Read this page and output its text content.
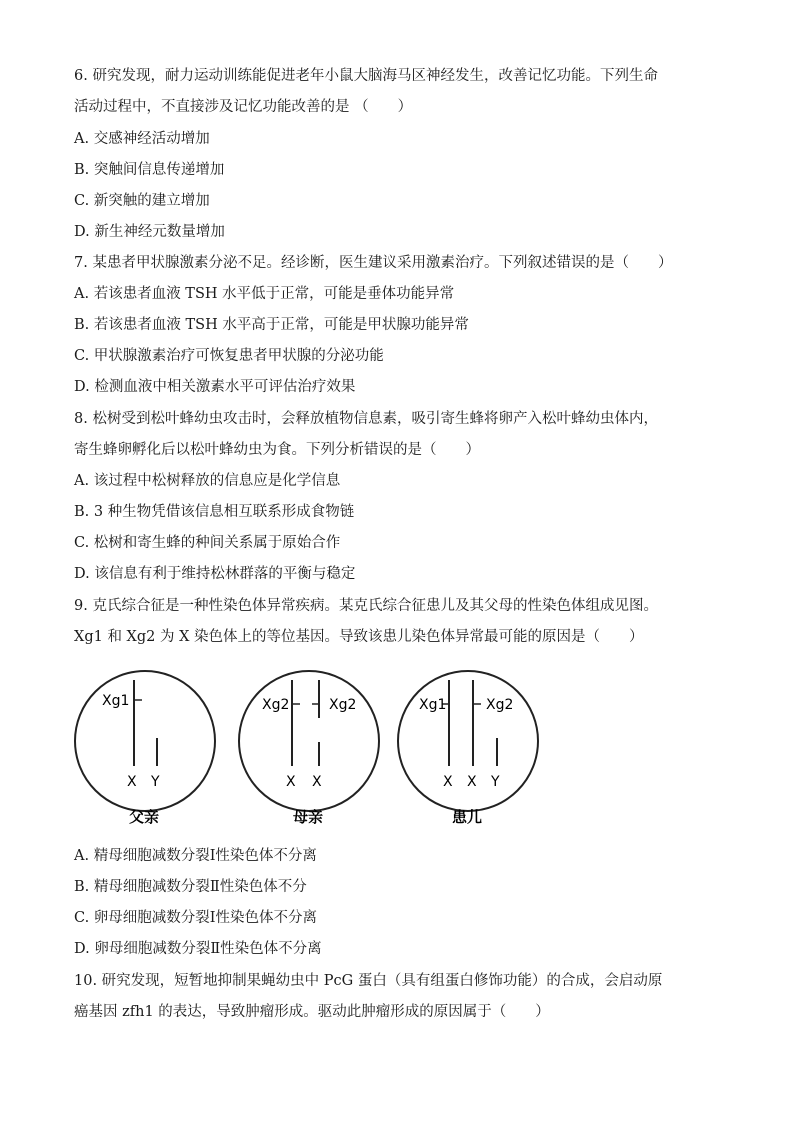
6. 研究发现，耐力运动训练能促进老年小鼠大脑海马区神经发生，改善记忆功能。下列生命
活动过程中，不直接涉及记忆功能改善的是 （　　）
A. 交感神经活动增加
B. 突触间信息传递增加
C. 新突触的建立增加
D. 新生神经元数量增加
7. 某患者甲状腺激素分泌不足。经诊断，医生建议采用激素治疗。下列叙述错误的是（　　）
A. 若该患者血液 TSH 水平低于正常，可能是垂体功能异常
B. 若该患者血液 TSH 水平高于正常，可能是甲状腺功能异常
C. 甲状腺激素治疗可恢复患者甲状腺的分泌功能
D. 检测血液中相关激素水平可评估治疗效果
8. 松树受到松叶蜂幼虫攻击时，会释放植物信息素，吸引寄生蜂将卵产入松叶蜂幼虫体内，
寄生蜂卵孵化后以松叶蜂幼虫为食。下列分析错误的是（　　）
A. 该过程中松树释放的信息应是化学信息
B. 3 种生物凭借该信息相互联系形成食物链
C. 松树和寄生蜂的种间关系属于原始合作
D. 该信息有利于维持松林群落的平衡与稳定
9. 克氏综合征是一种性染色体异常疾病。某克氏综合征患儿及其父母的性染色体组成见图。
Xg1 和 Xg2 为 X 染色体上的等位基因。导致该患儿染色体异常最可能的原因是（　　）
Xg1
X Y
父亲
Xg2	Xg2
X X
母亲
Xg1	Xg2
X X Y
患儿
A. 精母细胞减数分裂Ⅰ性染色体不分离
B. 精母细胞减数分裂Ⅱ性染色体不分
C. 卵母细胞减数分裂Ⅰ性染色体不分离
D. 卵母细胞减数分裂Ⅱ性染色体不分离
10. 研究发现，短暂地抑制果蝇幼虫中 PcG 蛋白（具有组蛋白修饰功能）的合成，会启动原
癌基因 zfh1 的表达，导致肿瘤形成。驱动此肿瘤形成的原因属于（　　）
